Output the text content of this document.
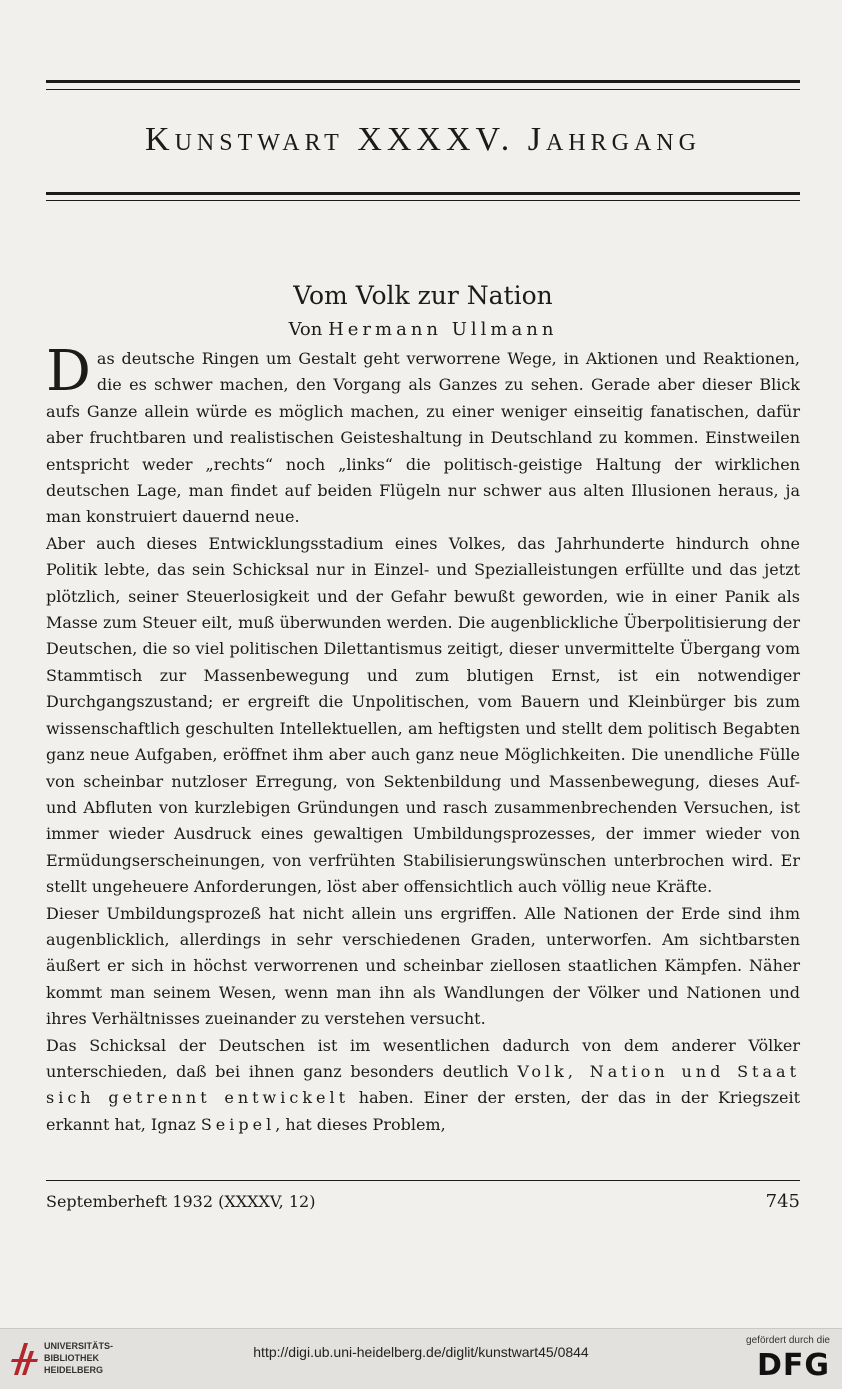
Kunstwart XXXXV. Jahrgang
Vom Volk zur Nation
Von Hermann Ullmann

Das deutsche Ringen um Gestalt geht verworrene Wege, in Aktionen und Reaktionen, die es schwer machen, den Vorgang als Ganzes zu sehen. Gerade aber dieser Blick aufs Ganze allein würde es möglich machen, zu einer weniger einseitig fanatischen, dafür aber fruchtbaren und realistischen Geisteshaltung in Deutschland zu kommen. Einstweilen entspricht weder „rechts“ noch „links“ die politisch-geistige Haltung der wirklichen deutschen Lage, man findet auf beiden Flügeln nur schwer aus alten Illusionen heraus, ja man konstruiert dauernd neue.

Aber auch dieses Entwicklungsstadium eines Volkes, das Jahrhunderte hindurch ohne Politik lebte, das sein Schicksal nur in Einzel- und Spezialleistungen erfüllte und das jetzt plötzlich, seiner Steuerlosigkeit und der Gefahr bewußt geworden, wie in einer Panik als Masse zum Steuer eilt, muß überwunden werden. Die augenblickliche Überpolitisierung der Deutschen, die so viel politischen Dilettantismus zeitigt, dieser unvermittelte Übergang vom Stammtisch zur Massenbewegung und zum blutigen Ernst, ist ein notwendiger Durchgangszustand; er ergreift die Unpolitischen, vom Bauern und Kleinbürger bis zum wissenschaftlich geschulten Intellektuellen, am heftigsten und stellt dem politisch Begabten ganz neue Aufgaben, eröffnet ihm aber auch ganz neue Möglichkeiten. Die unendliche Fülle von scheinbar nutzloser Erregung, von Sektenbildung und Massenbewegung, dieses Auf- und Abfluten von kurzlebigen Gründungen und rasch zusammenbrechenden Versuchen, ist immer wieder Ausdruck eines gewaltigen Umbildungsprozesses, der immer wieder von Ermüdungserscheinungen, von verfrühten Stabilisierungswünschen unterbrochen wird. Er stellt ungeheuere Anforderungen, löst aber offensichtlich auch völlig neue Kräfte.

Dieser Umbildungsprozeß hat nicht allein uns ergriffen. Alle Nationen der Erde sind ihm augenblicklich, allerdings in sehr verschiedenen Graden, unterworfen. Am sichtbarsten äußert er sich in höchst verworrenen und scheinbar ziellosen staatlichen Kämpfen. Näher kommt man seinem Wesen, wenn man ihn als Wandlungen der Völker und Nationen und ihres Verhältnisses zueinander zu verstehen versucht.

Das Schicksal der Deutschen ist im wesentlichen dadurch von dem anderer Völker unterschieden, daß bei ihnen ganz besonders deutlich Volk, Nation und Staat sich getrennt entwickelt haben. Einer der ersten, der das in der Kriegszeit erkannt hat, Ignaz Seipel, hat dieses Problem,

Septemberheft 1932 (XXXXV, 12)	745
UNIVERSITÄTS-
BIBLIOTHEK
HEIDELBERG
http://digi.ub.uni-heidelberg.de/diglit/kunstwart45/0844
gefördert durch die
DFG
